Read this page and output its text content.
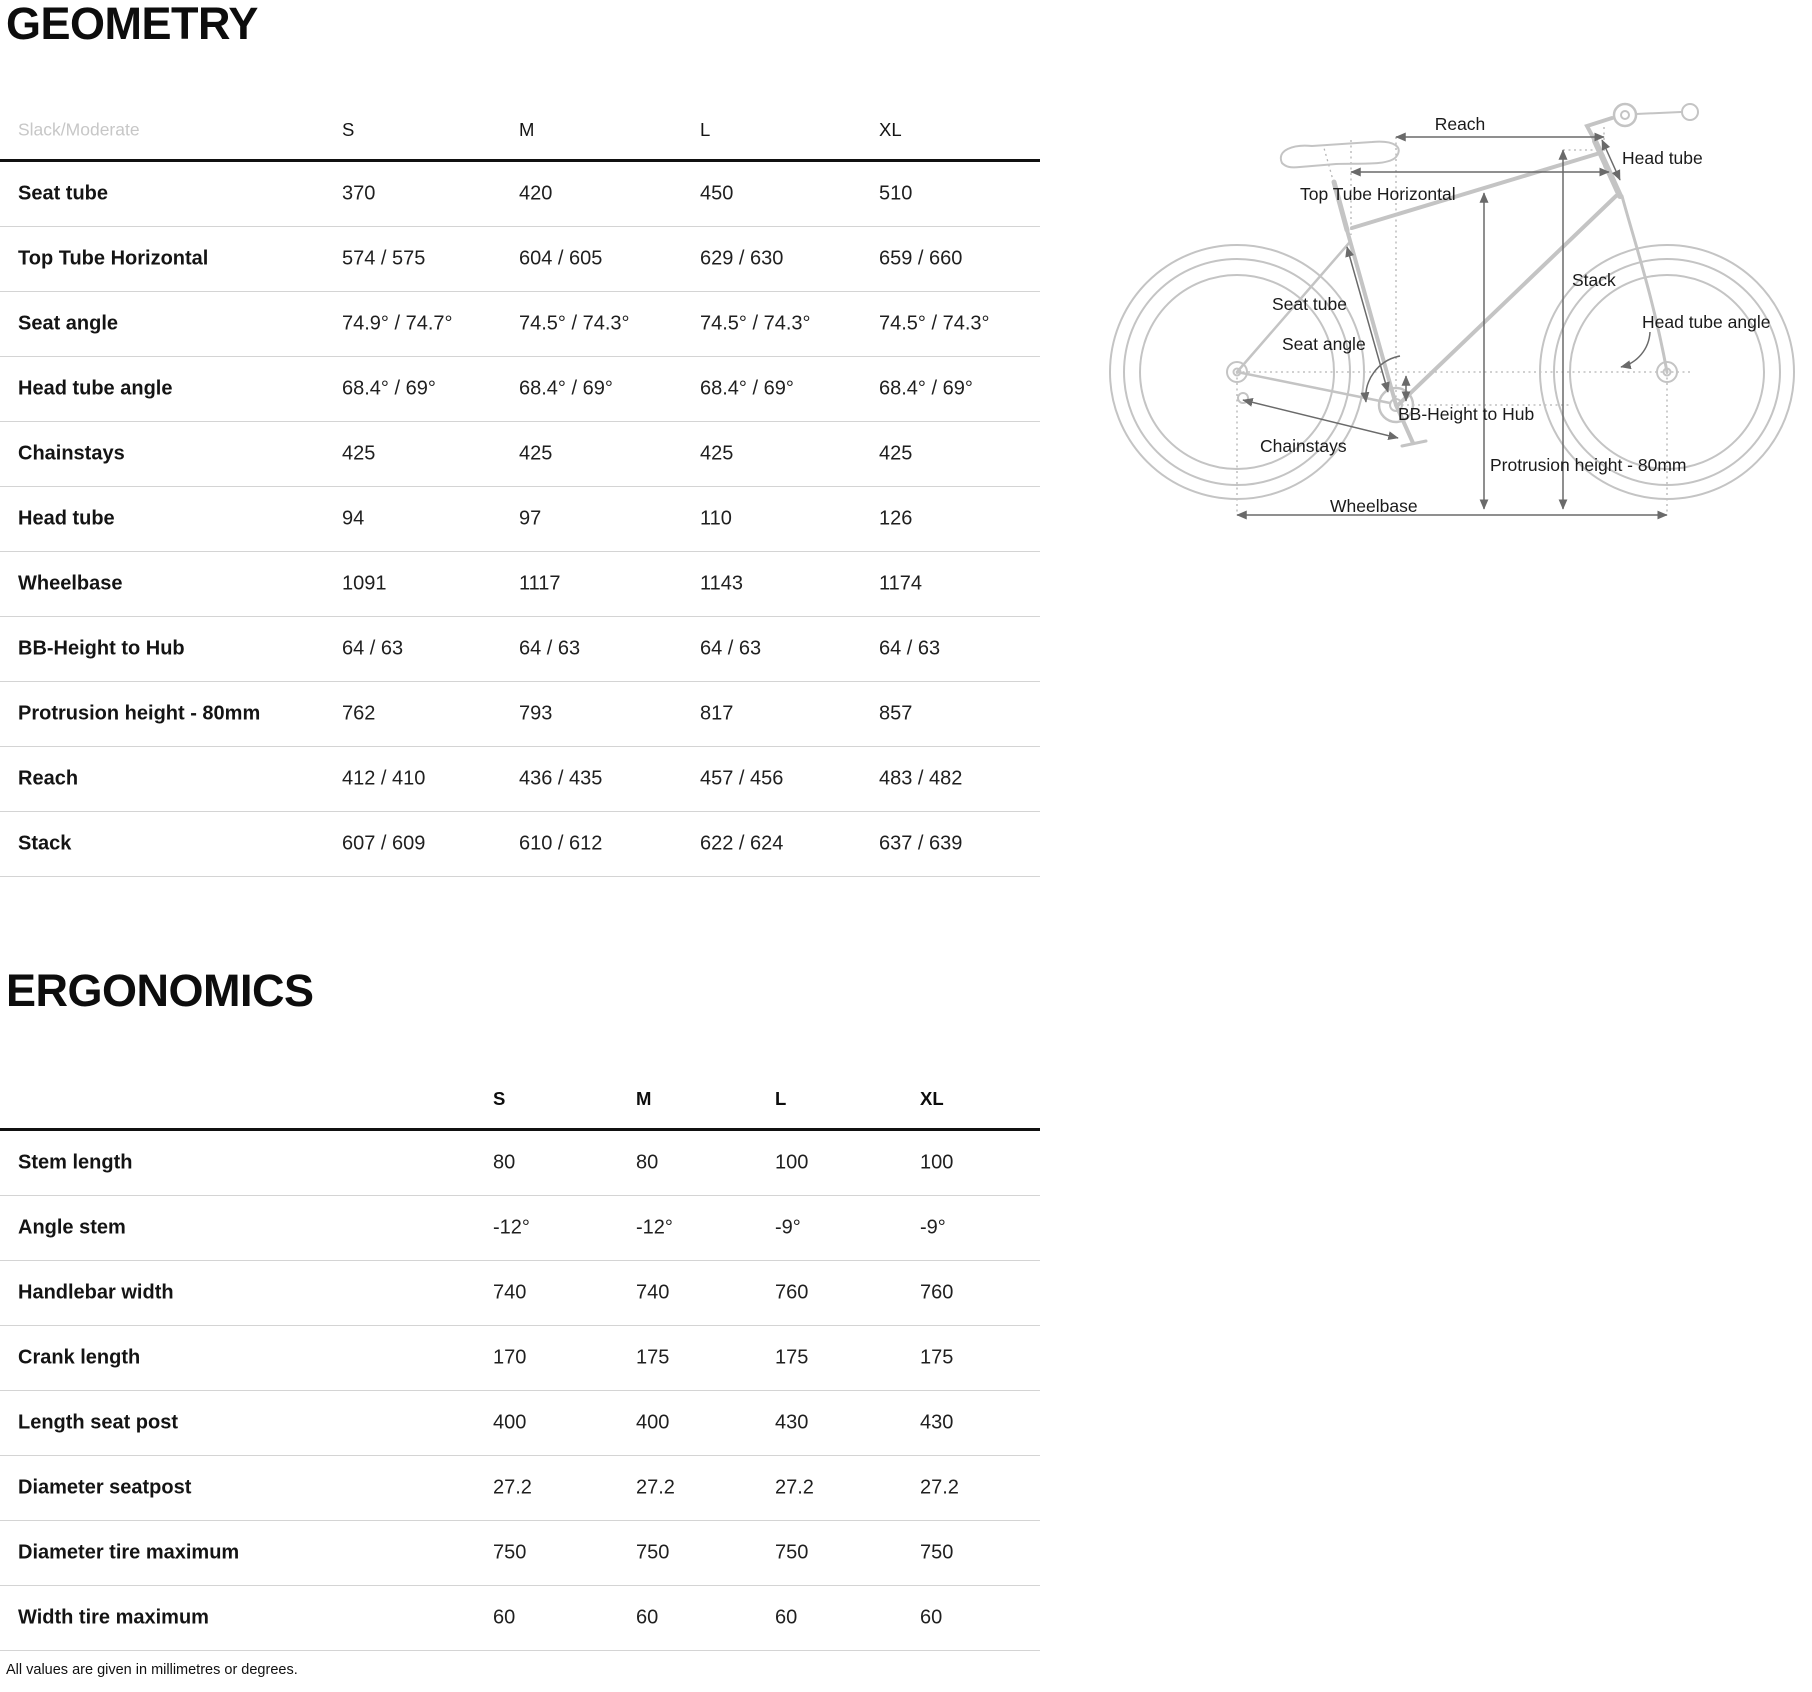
GEOMETRY
Slack/Moderate	S	M	L	XL
Seat tube	370	420	450	510
Top Tube Horizontal	574 / 575	604 / 605	629 / 630	659 / 660
Seat angle	74.9° / 74.7°	74.5° / 74.3°	74.5° / 74.3°	74.5° / 74.3°
Head tube angle	68.4° / 69°	68.4° / 69°	68.4° / 69°	68.4° / 69°
Chainstays	425	425	425	425
Head tube	94	97	110	126
Wheelbase	1091	1117	1143	1174
BB-Height to Hub	64 / 63	64 / 63	64 / 63	64 / 63
Protrusion height - 80mm	762	793	817	857
Reach	412 / 410	436 / 435	457 / 456	483 / 482
Stack	607 / 609	610 / 612	622 / 624	637 / 639
ERGONOMICS
S	M	L	XL
Stem length	80	80	100	100
Angle stem	-12°	-12°	-9°	-9°
Handlebar width	740	740	760	760
Crank length	170	175	175	175
Length seat post	400	400	430	430
Diameter seatpost	27.2	27.2	27.2	27.2
Diameter tire maximum	750	750	750	750
Width tire maximum	60	60	60	60
Reach
Head tube
Top Tube Horizontal
Seat tube
Seat angle
Stack
Head tube angle
Chainstays
BB-Height to Hub
Protrusion height - 80mm
Wheelbase
All values are given in millimetres or degrees.
